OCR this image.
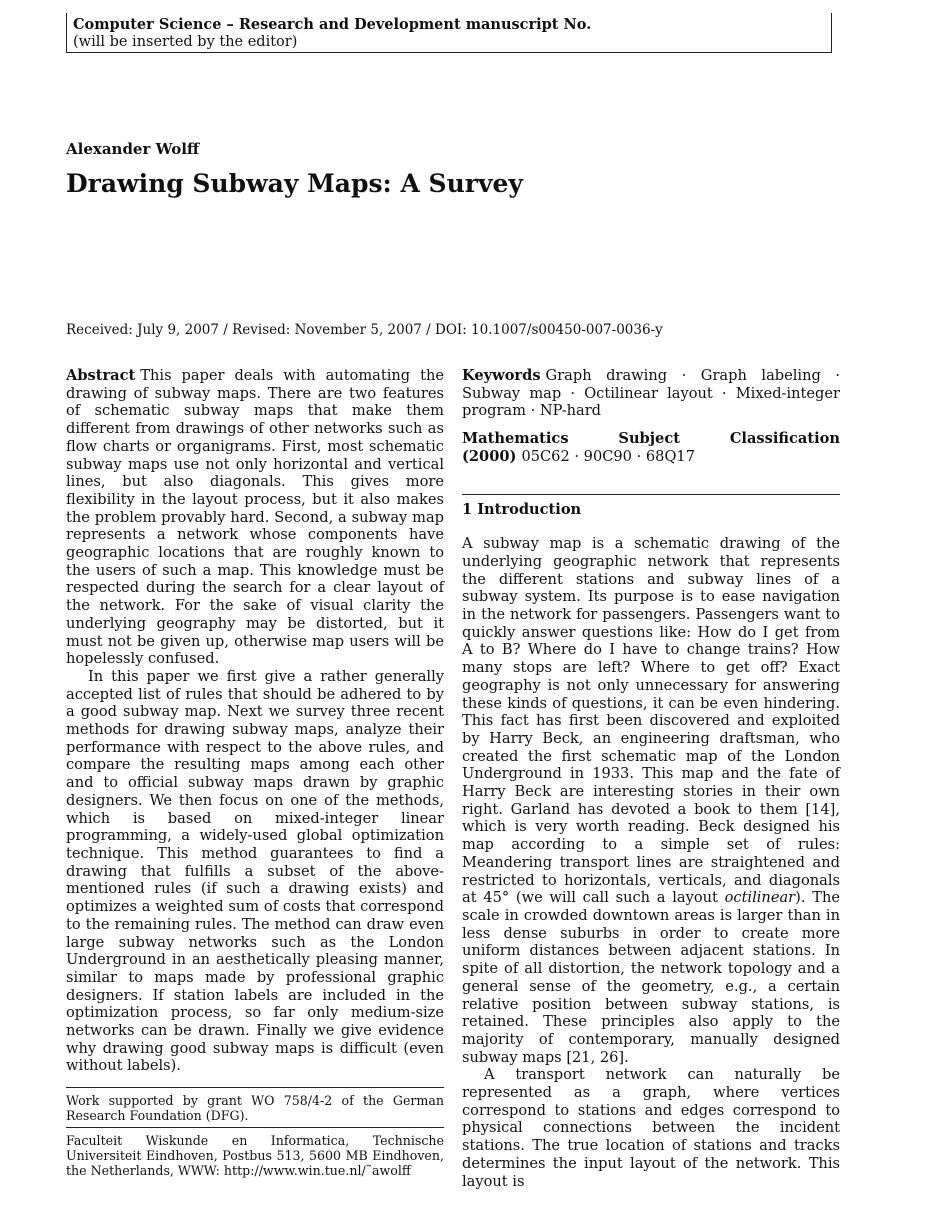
Computer Science – Research and Development manuscript No.
(will be inserted by the editor)
Alexander Wolff
Drawing Subway Maps: A Survey
Received: July 9, 2007 / Revised: November 5, 2007 / DOI: 10.1007/s00450-007-0036-y

Abstract This paper deals with automating the drawing of subway maps. There are two features of schematic subway maps that make them different from drawings of other networks such as flow charts or organigrams. First, most schematic subway maps use not only horizontal and vertical lines, but also diagonals. This gives more flexibility in the layout process, but it also makes the problem provably hard. Second, a subway map represents a network whose components have geographic locations that are roughly known to the users of such a map. This knowledge must be respected during the search for a clear layout of the network. For the sake of visual clarity the underlying geography may be distorted, but it must not be given up, otherwise map users will be hopelessly confused.

In this paper we first give a rather generally accepted list of rules that should be adhered to by a good subway map. Next we survey three recent methods for drawing subway maps, analyze their performance with respect to the above rules, and compare the resulting maps among each other and to official subway maps drawn by graphic designers. We then focus on one of the methods, which is based on mixed-integer linear programming, a widely-used global optimization technique. This method guarantees to find a drawing that fulfills a subset of the above-mentioned rules (if such a drawing exists) and optimizes a weighted sum of costs that correspond to the remaining rules. The method can draw even large subway networks such as the London Underground in an aesthetically pleasing manner, similar to maps made by professional graphic designers. If station labels are included in the optimization process, so far only medium-size networks can be drawn. Finally we give evidence why drawing good subway maps is difficult (even without labels).

Work supported by grant WO 758/4-2 of the German Research Foundation (DFG).
Faculteit Wiskunde en Informatica, Technische Universiteit Eindhoven, Postbus 513, 5600 MB Eindhoven, the Netherlands, WWW: http://www.win.tue.nl/˜awolff

Keywords Graph drawing · Graph labeling · Subway map · Octilinear layout · Mixed-integer program · NP-hard

Mathematics Subject Classification (2000) 05C62 · 90C90 · 68Q17

1 Introduction

A subway map is a schematic drawing of the underlying geographic network that represents the different stations and subway lines of a subway system. Its purpose is to ease navigation in the network for passengers. Passengers want to quickly answer questions like: How do I get from A to B? Where do I have to change trains? How many stops are left? Where to get off? Exact geography is not only unnecessary for answering these kinds of questions, it can be even hindering. This fact has first been discovered and exploited by Harry Beck, an engineering draftsman, who created the first schematic map of the London Underground in 1933. This map and the fate of Harry Beck are interesting stories in their own right. Garland has devoted a book to them [14], which is very worth reading. Beck designed his map according to a simple set of rules: Meandering transport lines are straightened and restricted to horizontals, verticals, and diagonals at 45° (we will call such a layout octilinear). The scale in crowded downtown areas is larger than in less dense suburbs in order to create more uniform distances between adjacent stations. In spite of all distortion, the network topology and a general sense of the geometry, e.g., a certain relative position between subway stations, is retained. These principles also apply to the majority of contemporary, manually designed subway maps [21, 26].

A transport network can naturally be represented as a graph, where vertices correspond to stations and edges correspond to physical connections between the incident stations. The true location of stations and tracks determines the input layout of the network. This layout is
